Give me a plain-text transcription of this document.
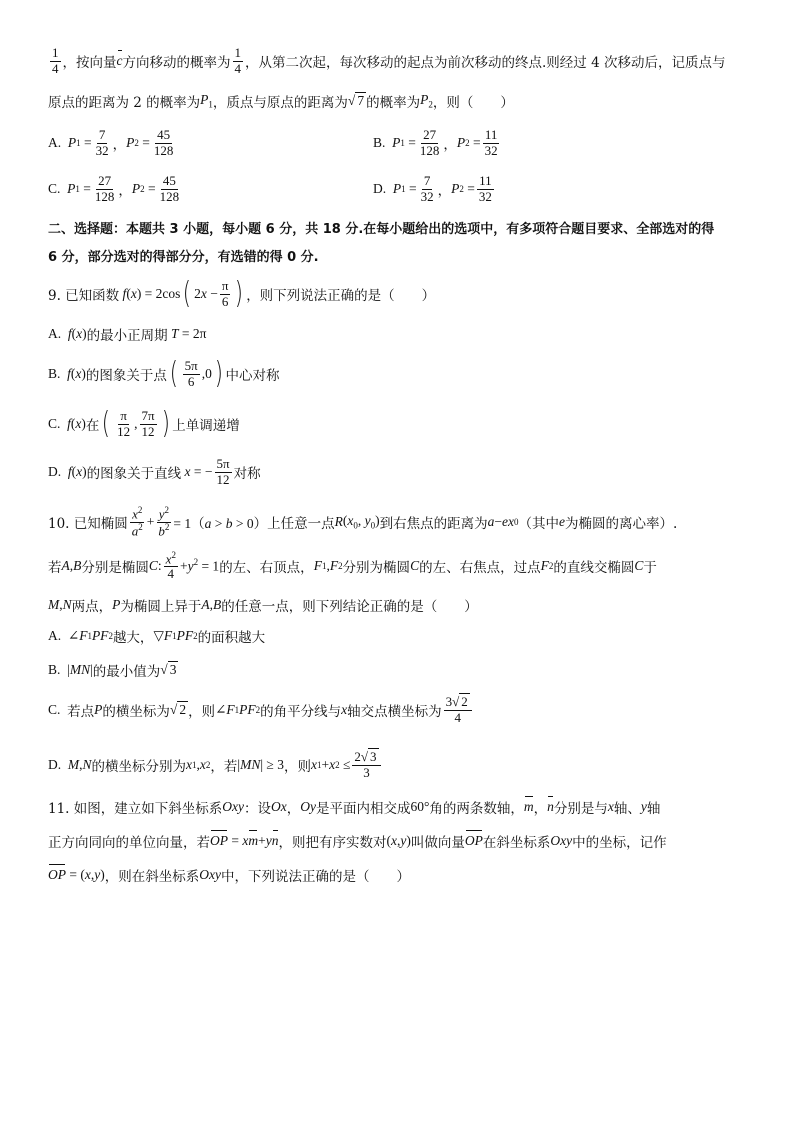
$\frac{1}{4}$ ，按向量 c 方向移动的概率为 $\frac{1}{4}$ ，从第二次起，每次移动的起点为前次移动的终点.则经过 4 次移动后，记质点与
原点的距离为 2 的概率为 $P_1$ ，质点与原点的距离为 √ 7 的概率为 $P_2$ ，则（　　）
A. P $1 = \frac{7}{32}$ ， P $2 = \frac{45}{128}$	B. P $1 = \frac{27}{128}$ ， P $2 = \frac{11}{32}$
C. P $1 = \frac{27}{128}$ ， P $2 = \frac{45}{128}$	D. P $1 = \frac{7}{32}$ ， P $2 = \frac{11}{32}$
二、选择题：本题共 3 小题，每小题 6 分，共 18 分.在每小题给出的选项中，有多项符合题目要求、全部选对的得
6 分，部分选对的得部分分，有选错的得 0 分.
9. 已知函数 f(x) = 2cos ( $2x - \frac{\pi}{6}$ ) ，则下列说法正确的是（　　）
A. f ( x ) 的最小正周期 T = 2π
B. f ( x ) 的图象关于点 ( $\frac{5\pi}{6} ,0$ ) 中心对称
C. f ( x ) 在 ( $\frac{\pi}{12}$ , $\frac{7\pi}{12}$ ) 上单调递增
D. f ( x ) 的图象关于直线 x = − $\frac{5\pi}{12}$ 对称
10. 已知椭圆 $\frac{x^2}{a^2} + \frac{y^2}{b^2} = 1(a > b > 0)$ 上任意一点 R ($x_0$, $y_0$) 到右焦点的距离为 a − ex 0 （其中 e 为椭圆的离心率）.
若 A , B 分别是椭圆 C : $\frac{x^2}{4} +y^2 = 1$ 的左、右顶点， F 1 , F 2 分别为椭圆 C 的左、右焦点，过点 F 2 的直线交椭圆 C 于
M , N 两点， P 为椭圆上异于 A , B 的任意一点，则下列结论正确的是（　　）
A.  ∠ F 1 PF 2 越大， ▽ F 1 PF 2 的面积越大
B.  | MN | 的最小值为 √ 3
C. 若点 P 的横坐标为 √ 2 ，则 ∠ F 1 PF 2 的角平分线与 x 轴交点横坐标为 $\frac{3√ 2}{4}$
D. M , N 的横坐标分别为 x 1 , x 2 ，若 | MN | ≥ 3 ，则 x 1 + x $2 \le \frac{2√ 3}{3}$
11. 如图，建立如下斜坐标系 Oxy ：设 Ox ， Oy 是平面内相交成 60° 角的两条数轴， m ， n 分别是与 x 轴、 y 轴
正方向同向的单位向量，若 OP = x m + y n ，则把有序实数对 ( x , y ) 叫做向量 OP 在斜坐标系 Oxy 中的坐标，记作
OP = ( x , y ) ，则在斜坐标系 Oxy 中，下列说法正确的是（　　）
